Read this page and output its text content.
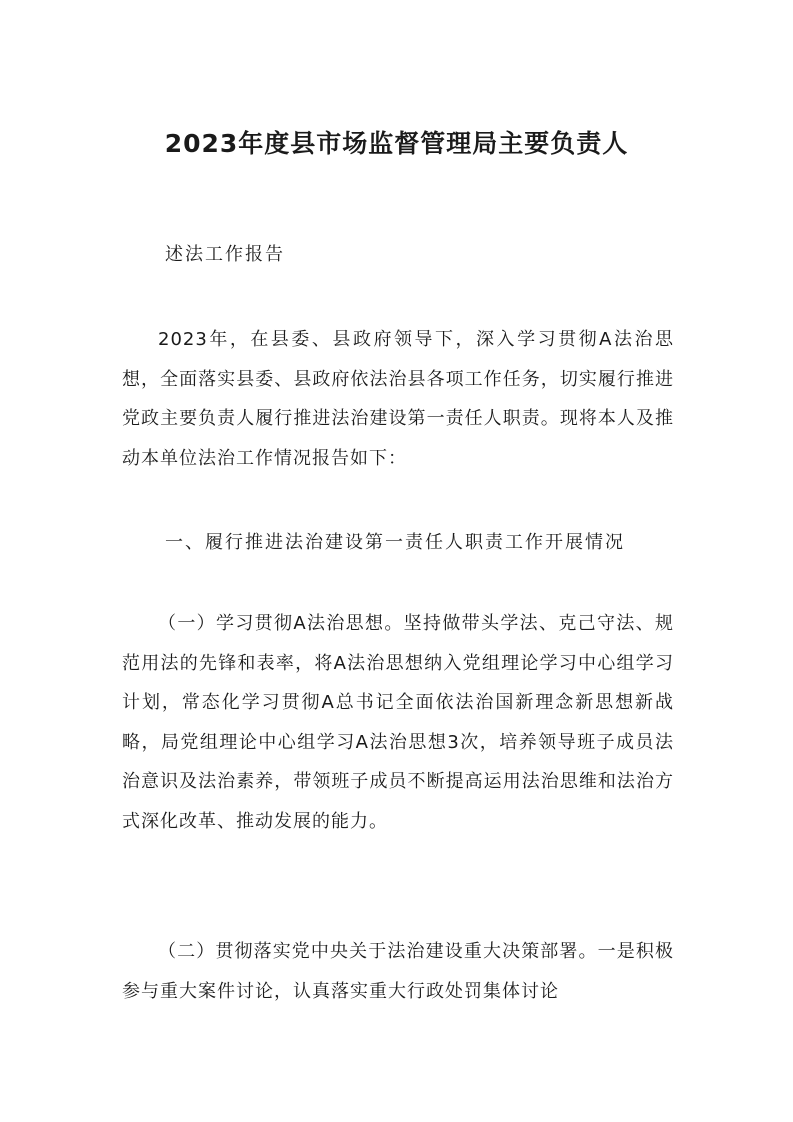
2023年度县市场监督管理局主要负责人
述法工作报告

2023年，在县委、县政府领导下，深入学习贯彻A法治思想，全面落实县委、县政府依法治县各项工作任务，切实履行推进党政主要负责人履行推进法治建设第一责任人职责。现将本人及推动本单位法治工作情况报告如下：

一、履行推进法治建设第一责任人职责工作开展情况

（一）学习贯彻A法治思想。坚持做带头学法、克己守法、规范用法的先锋和表率，将A法治思想纳入党组理论学习中心组学习计划，常态化学习贯彻A总书记全面依法治国新理念新思想新战略，局党组理论中心组学习A法治思想3次，培养领导班子成员法治意识及法治素养，带领班子成员不断提高运用法治思维和法治方式深化改革、推动发展的能力。

（二）贯彻落实党中央关于法治建设重大决策部署。一是积极参与重大案件讨论，认真落实重大行政处罚集体讨论
